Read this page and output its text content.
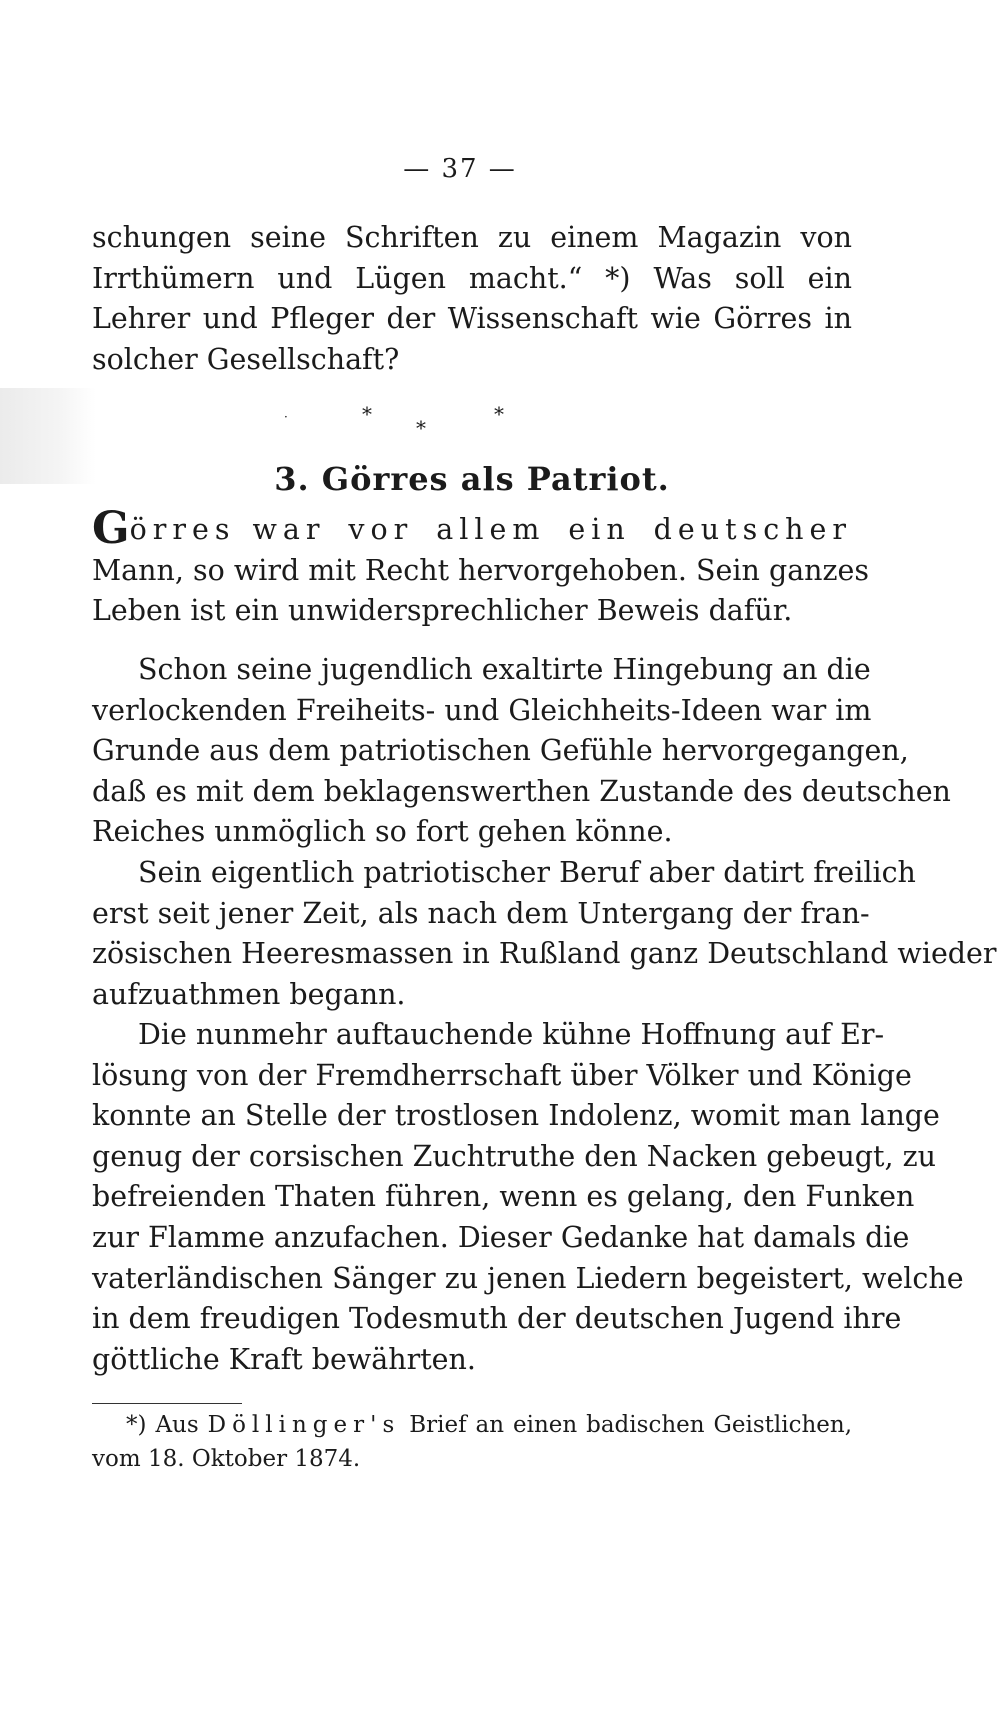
— 37 —
schungen seine Schriften zu einem Magazin von
Irrthümern und Lügen macht.“ *) Was soll ein
Lehrer und Pfleger der Wissenschaft wie Görres in
solcher Gesellschaft?
·	*
*
*
3. Görres als Patriot.
Görres war vor allem ein deutscher
Mann, so wird mit Recht hervorgehoben. Sein ganzes
Leben ist ein unwidersprechlicher Beweis dafür.
Schon seine jugendlich exaltirte Hingebung an die
verlockenden Freiheits- und Gleichheits-Ideen war im
Grunde aus dem patriotischen Gefühle hervorgegangen,
daß es mit dem beklagenswerthen Zustande des deutschen
Reiches unmöglich so fort gehen könne.
Sein eigentlich patriotischer Beruf aber datirt freilich
erst seit jener Zeit, als nach dem Untergang der fran-
zösischen Heeresmassen in Rußland ganz Deutschland wieder
aufzuathmen begann.
Die nunmehr auftauchende kühne Hoffnung auf Er-
lösung von der Fremdherrschaft über Völker und Könige
konnte an Stelle der trostlosen Indolenz, womit man lange
genug der corsischen Zuchtruthe den Nacken gebeugt, zu
befreienden Thaten führen, wenn es gelang, den Funken
zur Flamme anzufachen. Dieser Gedanke hat damals die
vaterländischen Sänger zu jenen Liedern begeistert, welche
in dem freudigen Todesmuth der deutschen Jugend ihre
göttliche Kraft bewährten.
*) Aus Döllinger's Brief an einen badischen Geistlichen,
vom 18. Oktober 1874.
